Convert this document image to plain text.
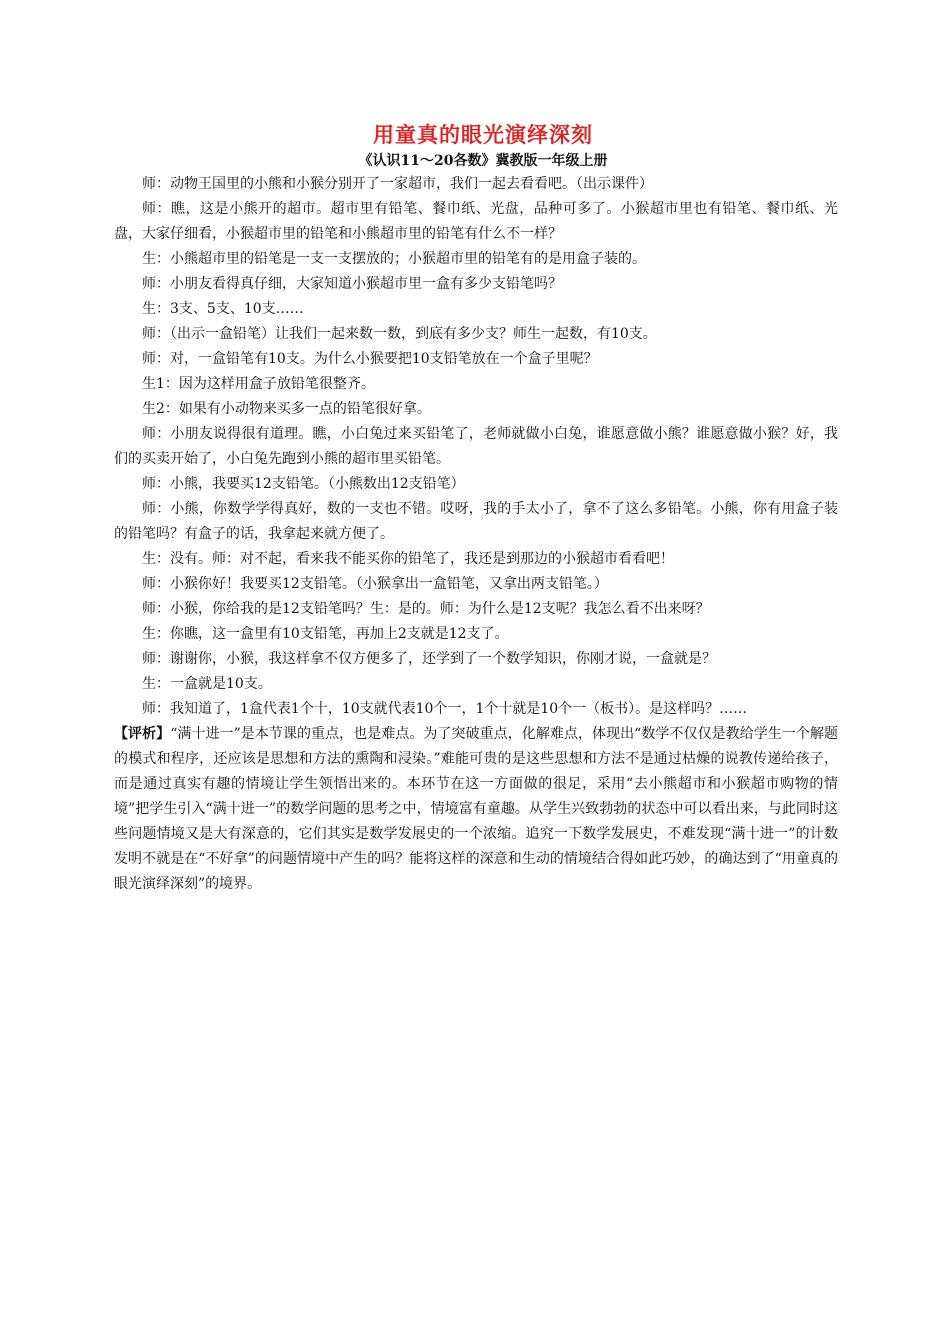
用童真的眼光演绎深刻
《认识11～20各数》冀教版一年级上册

师：动物王国里的小熊和小猴分别开了一家超市，我们一起去看看吧。（出示课件）

师：瞧，这是小熊开的超市。超市里有铅笔、餐巾纸、光盘，品种可多了。小猴超市里也有铅笔、餐巾纸、光盘，大家仔细看，小猴超市里的铅笔和小熊超市里的铅笔有什么不一样？

生：小熊超市里的铅笔是一支一支摆放的；小猴超市里的铅笔有的是用盒子装的。

师：小朋友看得真仔细，大家知道小猴超市里一盒有多少支铅笔吗？

生：3支、5支、10支……

师：（出示一盒铅笔）让我们一起来数一数，到底有多少支？师生一起数，有10支。

师：对，一盒铅笔有10支。为什么小猴要把10支铅笔放在一个盒子里呢？

生1：因为这样用盒子放铅笔很整齐。

生2：如果有小动物来买多一点的铅笔很好拿。

师：小朋友说得很有道理。瞧，小白兔过来买铅笔了，老师就做小白兔，谁愿意做小熊？谁愿意做小猴？好，我们的买卖开始了，小白兔先跑到小熊的超市里买铅笔。

师：小熊，我要买12支铅笔。（小熊数出12支铅笔）

师：小熊，你数学学得真好，数的一支也不错。哎呀，我的手太小了，拿不了这么多铅笔。小熊，你有用盒子装的铅笔吗？有盒子的话，我拿起来就方便了。

生：没有。师：对不起，看来我不能买你的铅笔了，我还是到那边的小猴超市看看吧！

师：小猴你好！我要买12支铅笔。（小猴拿出一盒铅笔，又拿出两支铅笔。）

师：小猴，你给我的是12支铅笔吗？生：是的。师：为什么是12支呢？我怎么看不出来呀？

生：你瞧，这一盒里有10支铅笔，再加上2支就是12支了。

师：谢谢你，小猴，我这样拿不仅方便多了，还学到了一个数学知识，你刚才说，一盒就是？

生：一盒就是10支。

师：我知道了，1盒代表1个十，10支就代表10个一，1个十就是10个一（板书）。是这样吗？……

【评析】“满十进一”是本节课的重点，也是难点。为了突破重点，化解难点，体现出“数学不仅仅是教给学生一个解题的模式和程序，还应该是思想和方法的熏陶和浸染。”难能可贵的是这些思想和方法不是通过枯燥的说教传递给孩子，而是通过真实有趣的情境让学生领悟出来的。本环节在这一方面做的很足，采用“去小熊超市和小猴超市购物的情境”把学生引入“满十进一”的数学问题的思考之中，情境富有童趣。从学生兴致勃勃的状态中可以看出来，与此同时这些问题情境又是大有深意的，它们其实是数学发展史的一个浓缩。追究一下数学发展史，不难发现“满十进一”的计数发明不就是在“不好拿”的问题情境中产生的吗？能将这样的深意和生动的情境结合得如此巧妙，的确达到了“用童真的眼光演绎深刻”的境界。
